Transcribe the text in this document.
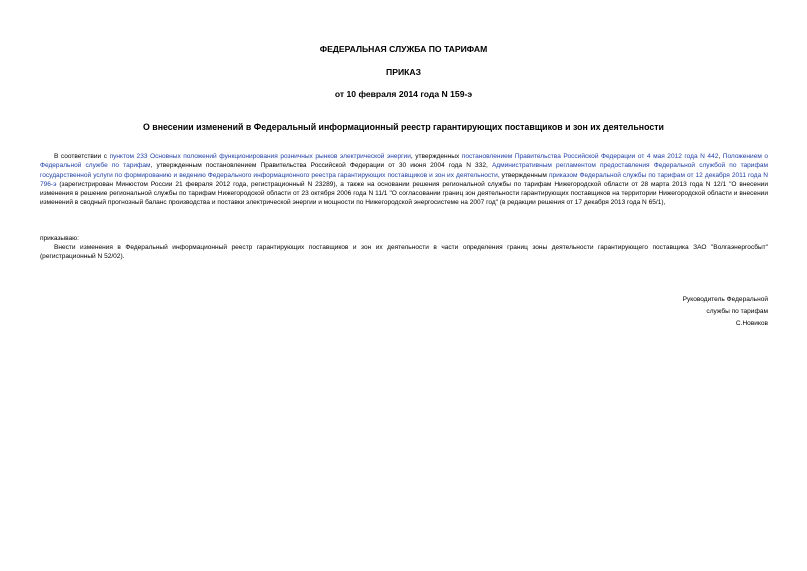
ФЕДЕРАЛЬНАЯ СЛУЖБА ПО ТАРИФАМ
ПРИКАЗ
от 10 февраля 2014 года N 159-э
О внесении изменений в Федеральный информационный реестр гарантирующих поставщиков и зон их деятельности
В соответствии с пунктом 233 Основных положений функционирования розничных рынков электрической энергии, утвержденных постановлением Правительства Российской Федерации от 4 мая 2012 года N 442, Положением о Федеральной службе по тарифам, утвержденным постановлением Правительства Российской Федерации от 30 июня 2004 года N 332, Административным регламентом предоставления Федеральной службой по тарифам государственной услуги по формированию и ведению Федерального информационного реестра гарантирующих поставщиков и зон их деятельности, утвержденным приказом Федеральной службы по тарифам от 12 декабря 2011 года N 796-э (зарегистрирован Минюстом России 21 февраля 2012 года, регистрационный N 23289), а также на основании решения региональной службы по тарифам Нижегородской области от 28 марта 2013 года N 12/1 "О внесении изменения в решение региональной службы по тарифам Нижегородской области от 23 октября 2006 года N 11/1 "О согласовании границ зон деятельности гарантирующих поставщиков на территории Нижегородской области и внесении изменений в сводный прогнозный баланс производства и поставки электрической энергии и мощности по Нижегородской энергосистеме на 2007 год" (в редакции решения от 17 декабря 2013 года N 65/1),
приказываю:
Внести изменения в Федеральный информационный реестр гарантирующих поставщиков и зон их деятельности в части определения границ зоны деятельности гарантирующего поставщика ЗАО "Волгаэнергосбыт" (регистрационный N 52/02).
Руководитель Федеральной
службы по тарифам
С.Новиков
